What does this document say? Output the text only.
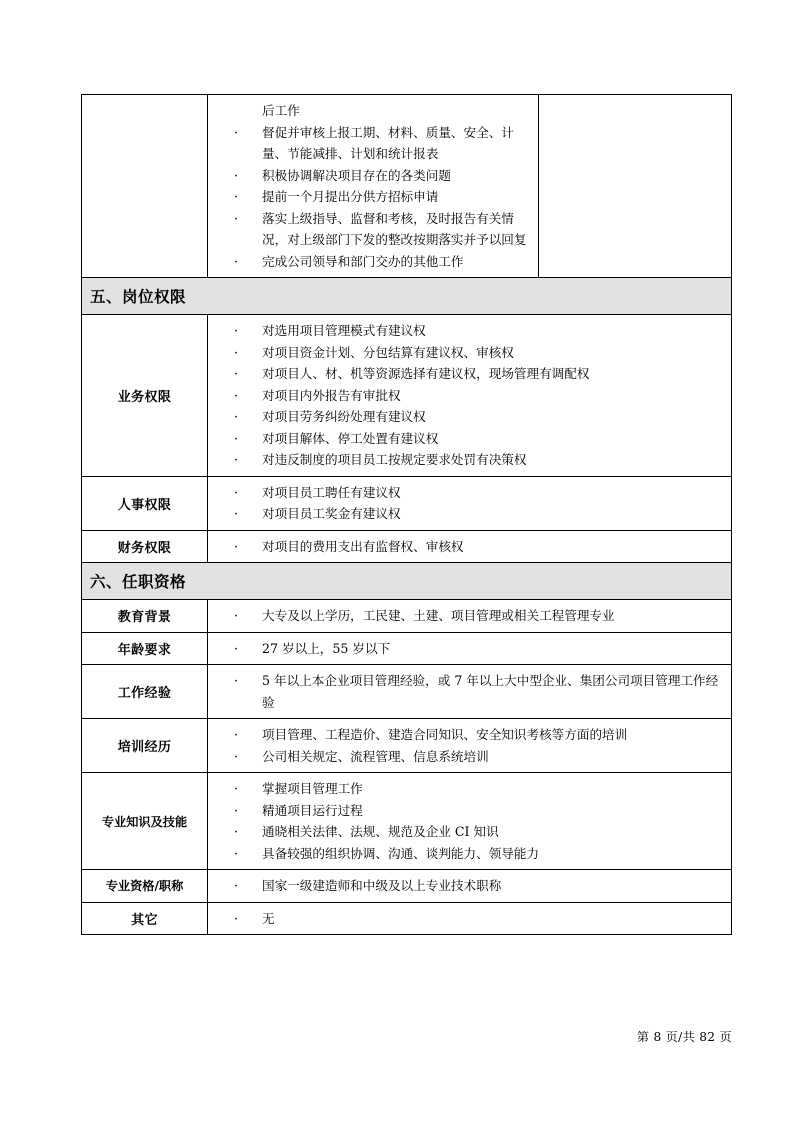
后工作
· 督促并审核上报工期、材料、质量、安全、计量、节能减排、计划和统计报表
· 积极协调解决项目存在的各类问题
· 提前一个月提出分供方招标申请
· 落实上级指导、监督和考核，及时报告有关情况，对上级部门下发的整改按期落实并予以回复
· 完成公司领导和部门交办的其他工作

五、岗位权限		
业务权限	
· 对选用项目管理模式有建议权
· 对项目资金计划、分包结算有建议权、审核权
· 对项目人、材、机等资源选择有建议权，现场管理有调配权
· 对项目内外报告有审批权
· 对项目劳务纠纷处理有建议权
· 对项目解体、停工处置有建议权
· 对违反制度的项目员工按规定要求处罚有决策权

人事权限	
· 对项目员工聘任有建议权
· 对项目员工奖金有建议权

财务权限	· 对项目的费用支出有监督权、审核权

六、任职资格		
教育背景	· 大专及以上学历，工民建、土建、项目管理或相关工程管理专业

年龄要求	· 27 岁以上，55 岁以下

工作经验	
· 5 年以上本企业项目管理经验，或 7 年以上大中型企业、集团公司项目管理工作经验

培训经历	
· 项目管理、工程造价、建造合同知识、安全知识考核等方面的培训
· 公司相关规定、流程管理、信息系统培训

专业知识及技能	
· 掌握项目管理工作
· 精通项目运行过程
· 通晓相关法律、法规、规范及企业 CI 知识
· 具备较强的组织协调、沟通、谈判能力、领导能力

专业资格/职称	· 国家一级建造师和中级及以上专业技术职称

其它	· 无
第 8 页/共 82 页
